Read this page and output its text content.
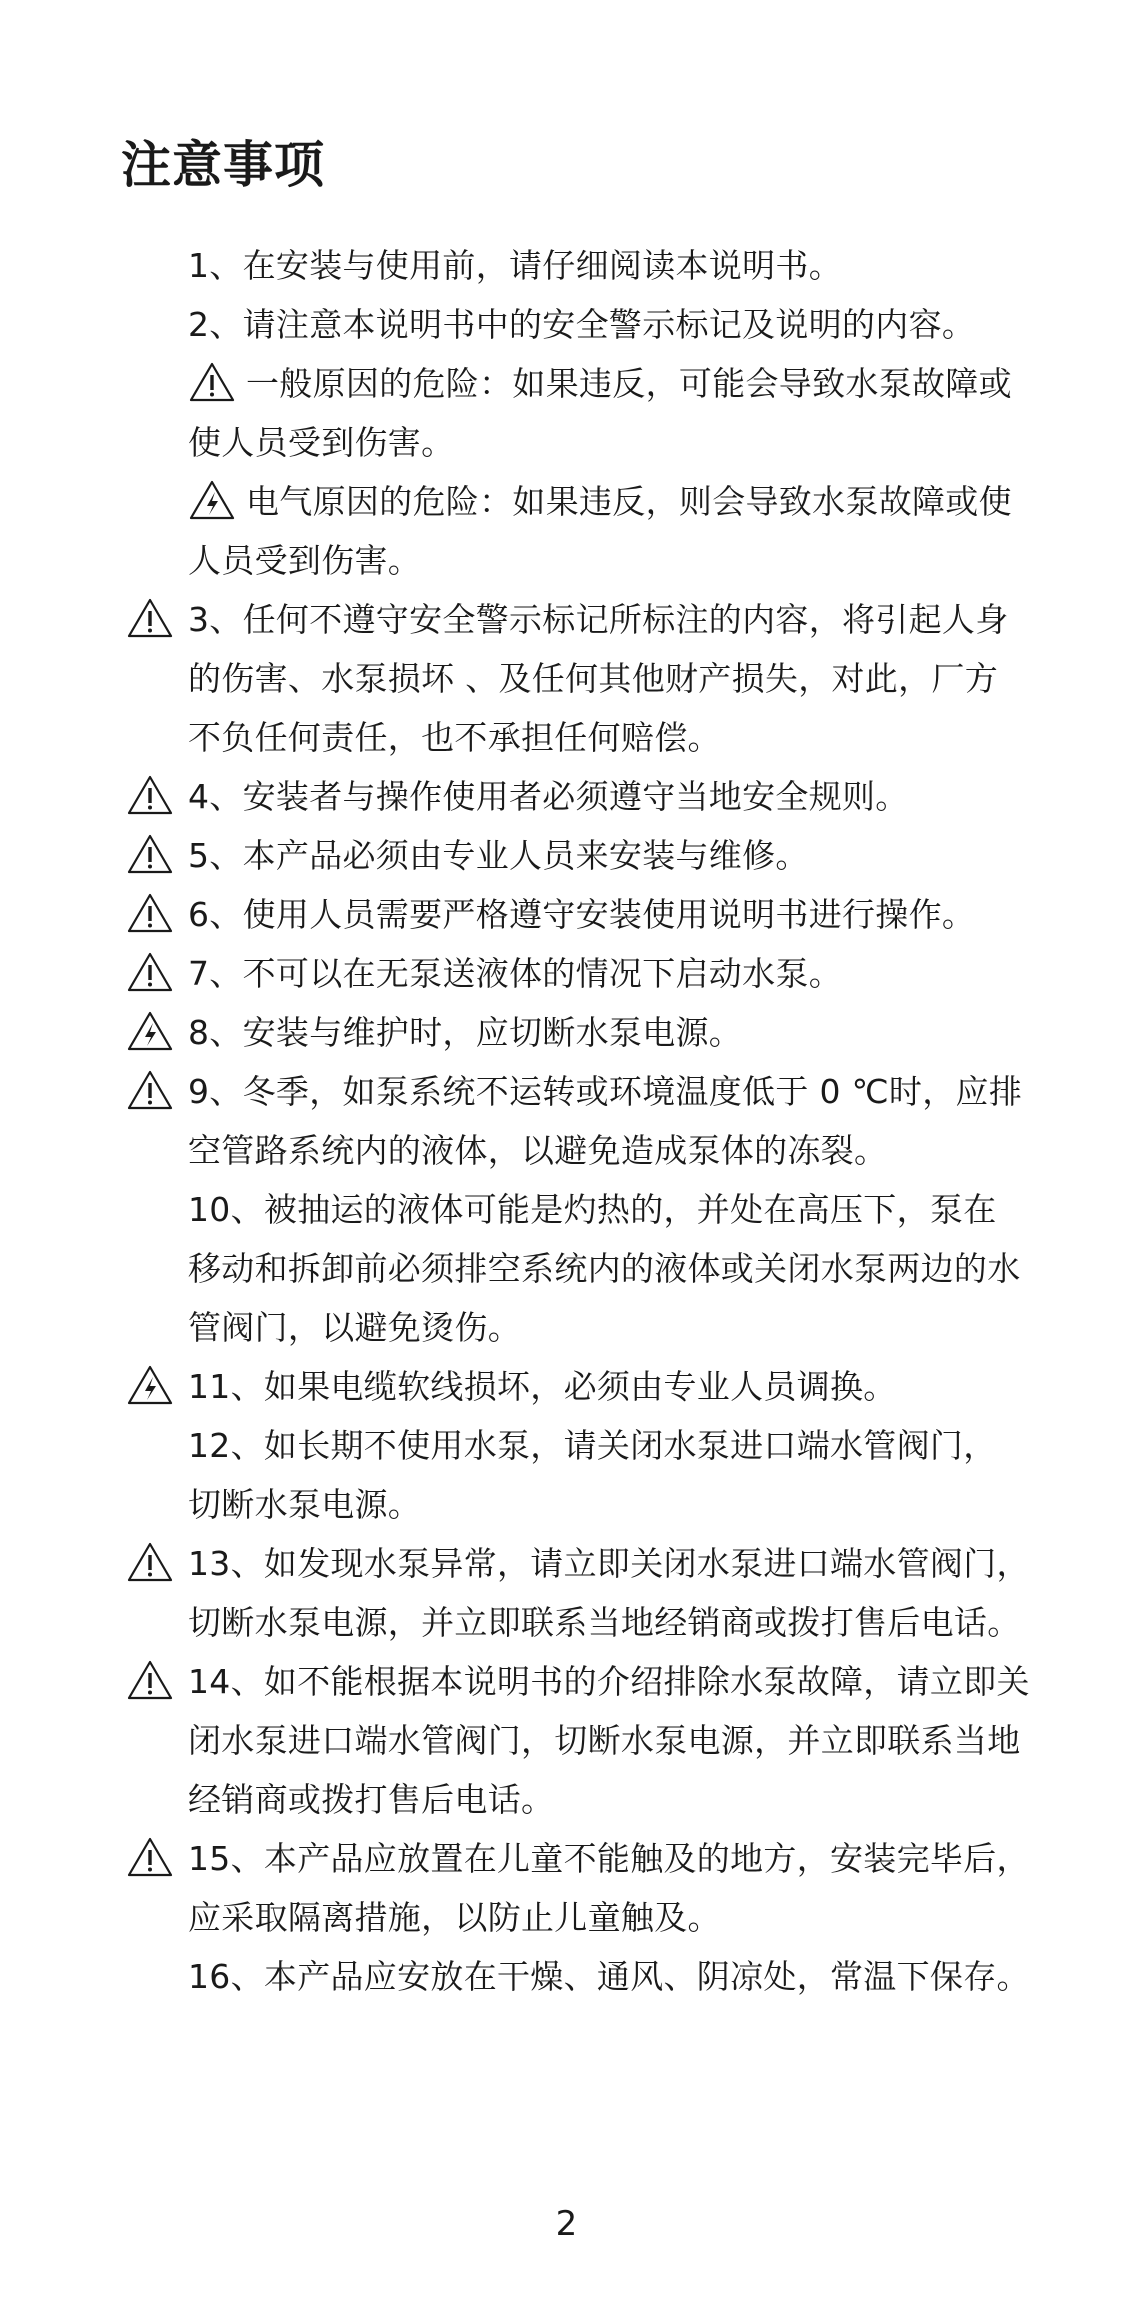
注意事项
1、在安装与使用前，请仔细阅读本说明书。
2、请注意本说明书中的安全警示标记及说明的内容。
一般原因的危险：如果违反，可能会导致水泵故障或
使人员受到伤害。
电气原因的危险：如果违反，则会导致水泵故障或使
人员受到伤害。
3、任何不遵守安全警示标记所标注的内容，将引起人身
的伤害、水泵损坏 、及任何其他财产损失，对此，厂方
不负任何责任，也不承担任何赔偿。
4、安装者与操作使用者必须遵守当地安全规则。
5、本产品必须由专业人员来安装与维修。
6、使用人员需要严格遵守安装使用说明书进行操作。
7、不可以在无泵送液体的情况下启动水泵。
8、安装与维护时，应切断水泵电源。
9、冬季，如泵系统不运转或环境温度低于 0 ℃时，应排
空管路系统内的液体，以避免造成泵体的冻裂。
10、被抽运的液体可能是灼热的，并处在高压下，泵在
移动和拆卸前必须排空系统内的液体或关闭水泵两边的水
管阀门，以避免烫伤。
11、如果电缆软线损坏，必须由专业人员调换。
12、如长期不使用水泵，请关闭水泵进口端水管阀门，
切断水泵电源。
13、如发现水泵异常，请立即关闭水泵进口端水管阀门，
切断水泵电源，并立即联系当地经销商或拨打售后电话。
14、如不能根据本说明书的介绍排除水泵故障，请立即关
闭水泵进口端水管阀门，切断水泵电源，并立即联系当地
经销商或拨打售后电话。
15、本产品应放置在儿童不能触及的地方，安装完毕后，
应采取隔离措施，以防止儿童触及。
16、本产品应安放在干燥、通风、阴凉处，常温下保存。
2
